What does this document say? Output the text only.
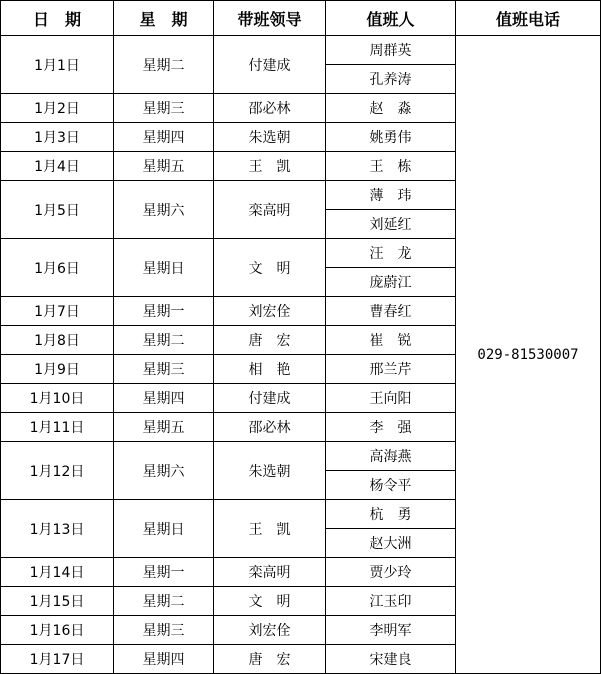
日　期	星　期	带班领导	值班人	值班电话
1月1日	星期二	付建成	周群英	029-81530007
			孔养涛	
1月2日	星期三	邵必林	赵　淼	
1月3日	星期四	朱选朝	姚勇伟	
1月4日	星期五	王　凯	王　栋	
1月5日	星期六	栾高明	薄　玮	
			刘延红	
1月6日	星期日	文　明	汪　龙	
			庞蔚江	
1月7日	星期一	刘宏佺	曹春红	
1月8日	星期二	唐　宏	崔　锐	
1月9日	星期三	相　艳	邢兰芹	
1月10日	星期四	付建成	王向阳	
1月11日	星期五	邵必林	李　强	
1月12日	星期六	朱选朝	高海燕	
			杨令平	
1月13日	星期日	王　凯	杭　勇	
			赵大洲	
1月14日	星期一	栾高明	贾少玲	
1月15日	星期二	文　明	江玉印	
1月16日	星期三	刘宏佺	李明军	
1月17日	星期四	唐　宏	宋建良	
